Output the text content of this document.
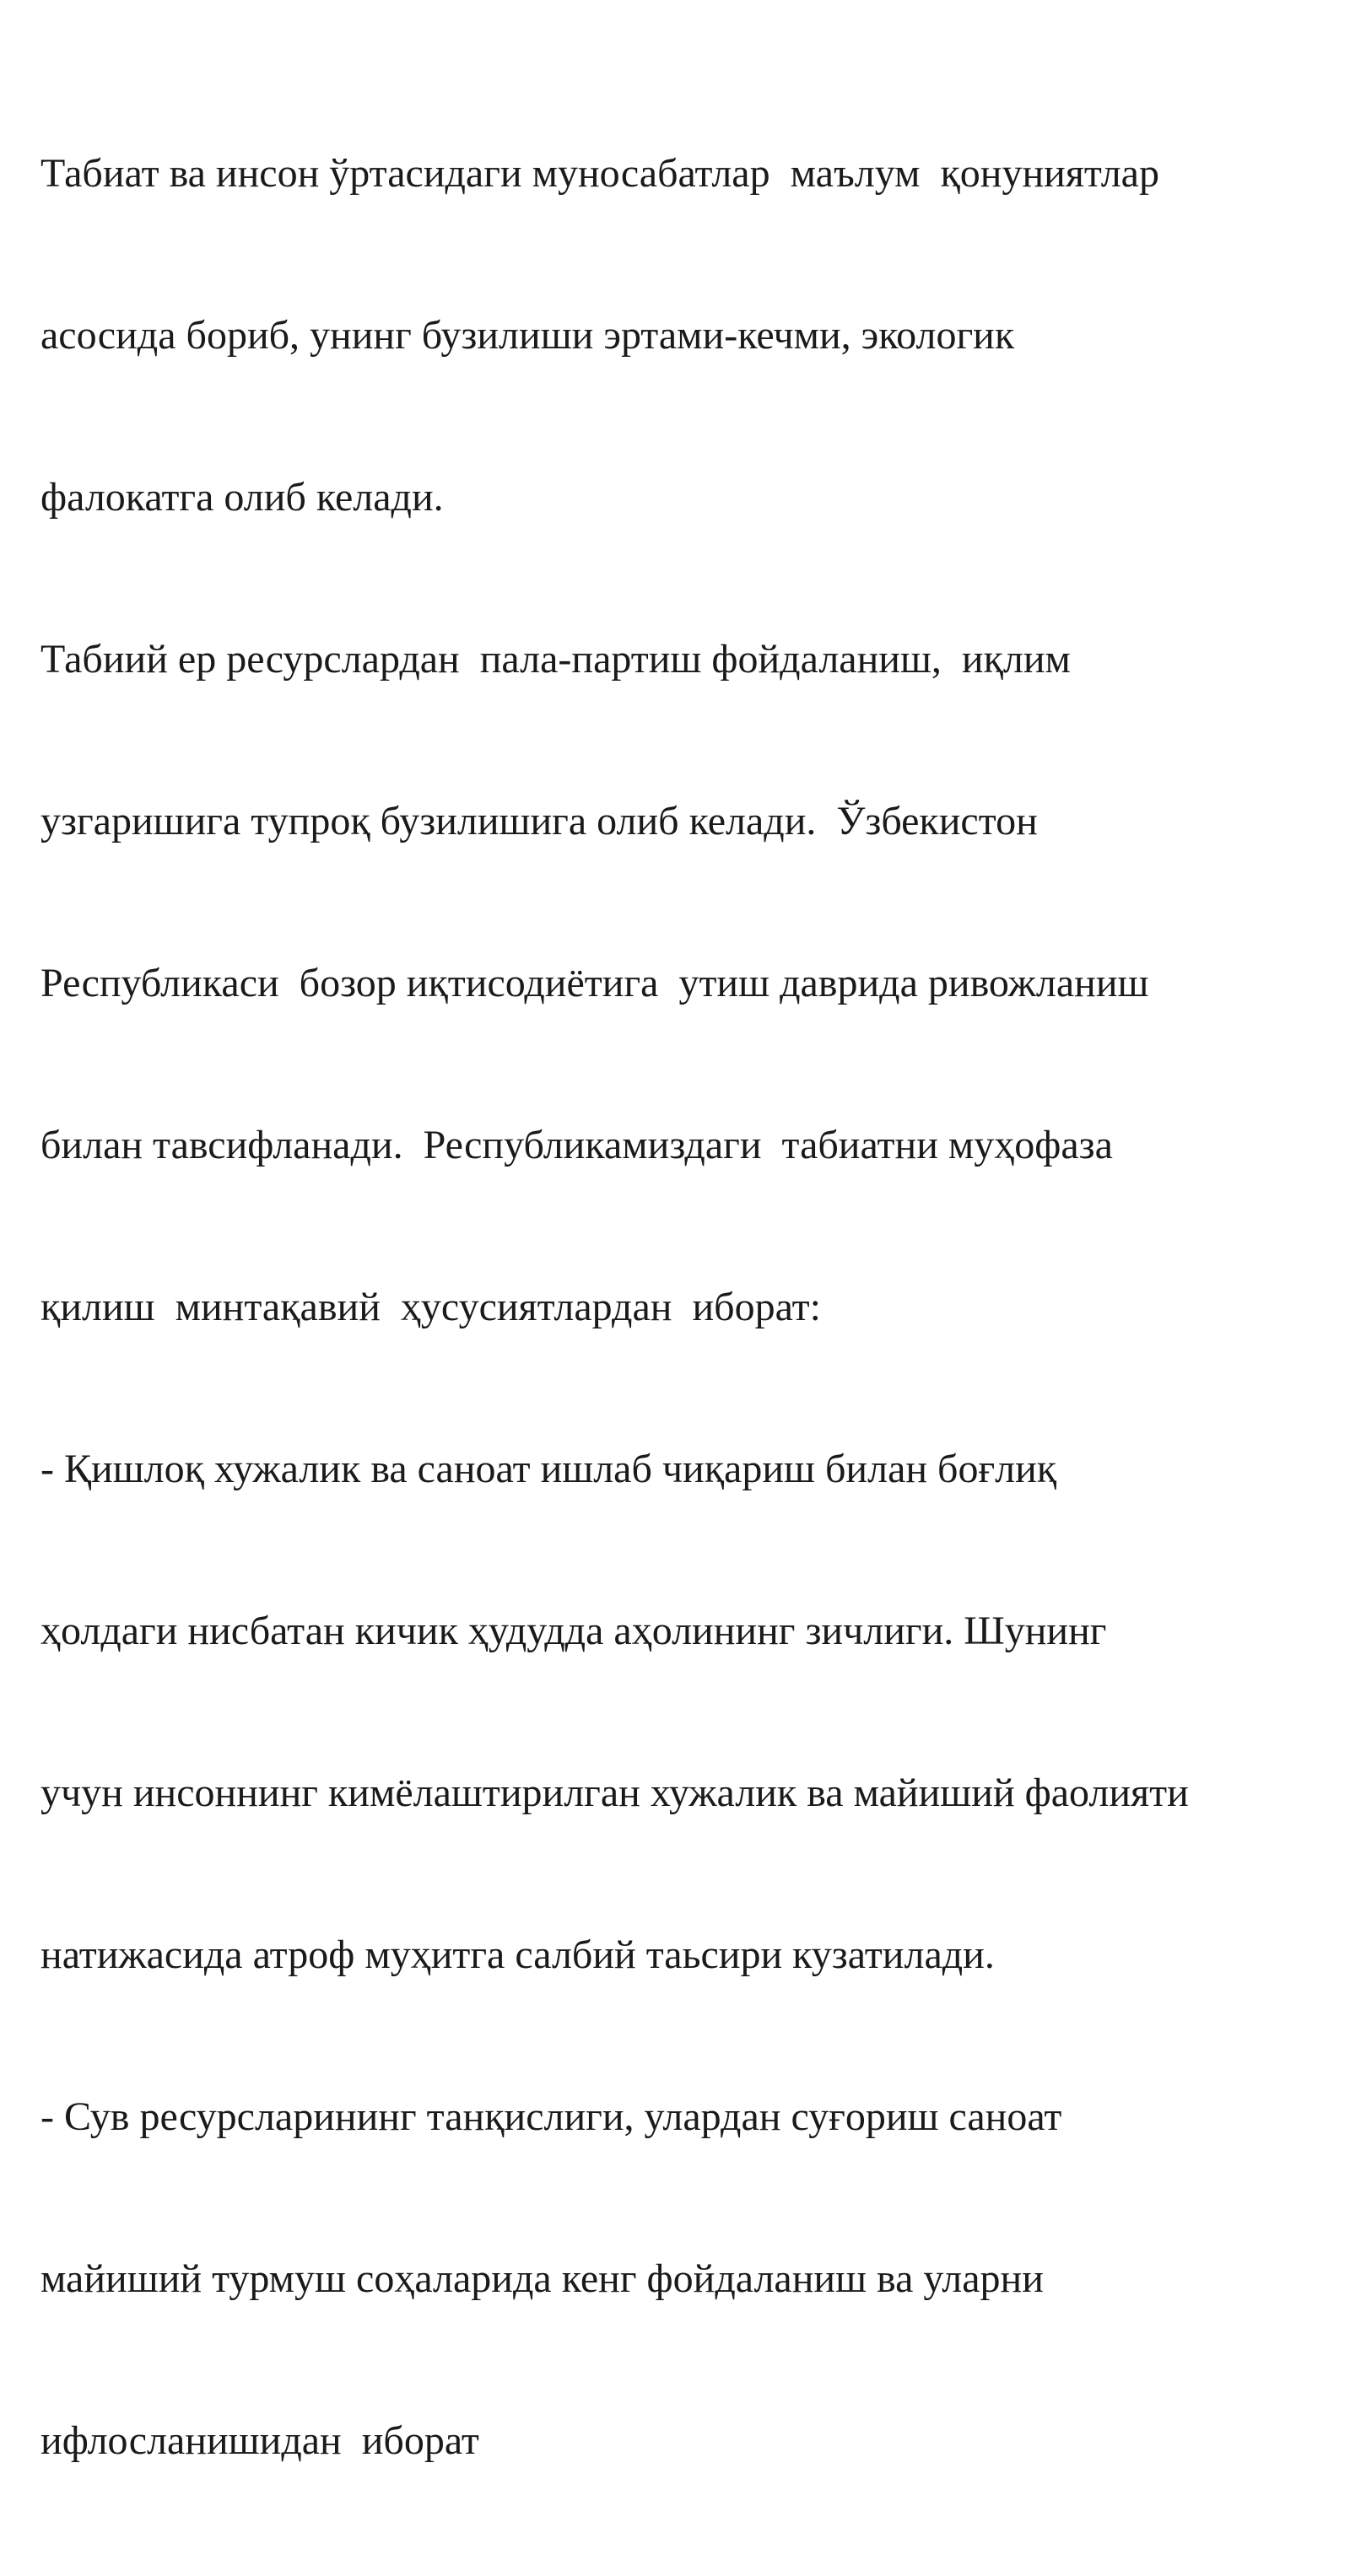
Табиат ва инсон ўртасидаги муносабатлар  маълум  қонуниятлар

асосида бориб, унинг бузилиши эртами-кечми, экологик

фалокатга олиб келади.

Табиий ер ресурслардан  пала-партиш фойдаланиш,  иқлим

узгаришига тупроқ бузилишига олиб келади.  Ўзбекистон

Республикаси  бозор иқтисодиётига  утиш даврида ривожланиш

билан тавсифланади.  Республикамиздаги  табиатни муҳофаза

қилиш  минтақавий  ҳусусиятлардан  иборат:

- Қишлоқ хужалик ва саноат ишлаб чиқариш билан боғлиқ

ҳолдаги нисбатан кичик ҳудудда аҳолининг зичлиги. Шунинг

учун инсоннинг кимёлаштирилган хужалик ва майиший фаолияти

натижасида атроф муҳитга салбий таьсири кузатилади.

- Сув ресурсларининг танқислиги, улардан суғориш саноат

майиший турмуш соҳаларида кенг фойдаланиш ва уларни

ифлосланишидан  иборат
